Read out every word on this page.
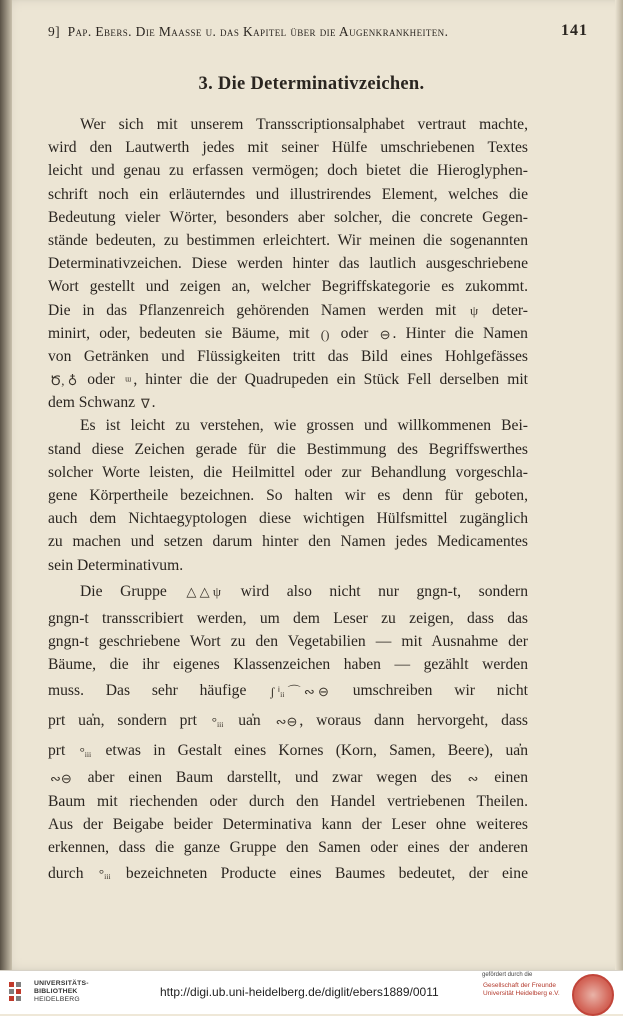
9] Pap. Ebers. Die Maasse u. das Kapitel über die Augenkrankheiten.	141
3. Die Determinativzeichen.
Wer sich mit unserem Transscriptionsalphabet vertraut machte,
wird den Lautwerth jedes mit seiner Hülfe umschriebenen Textes
leicht und genau zu erfassen vermögen; doch bietet die Hieroglyphen-
schrift noch ein erläuterndes und illustrirendes Element, welches die
Bedeutung vieler Wörter, besonders aber solcher, die concrete Gegen-
stände bedeuten, zu bestimmen erleichtert. Wir meinen die sogenannten
Determinativzeichen. Diese werden hinter das lautlich ausgeschriebene
Wort gestellt und zeigen an, welcher Begriffskategorie es zukommt.
Die in das Pflanzenreich gehörenden Namen werden mit ψ deter-
minirt, oder, bedeuten sie Bäume, mit () oder ⊖ . Hinter die Namen
von Getränken und Flüssigkeiten tritt das Bild eines Hohlgefässes
Ծ, ♁ oder ᵚ , hinter die der Quadrupeden ein Stück Fell derselben mit
dem Schwanz ∇ .
Es ist leicht zu verstehen, wie grossen und willkommenen Bei-
stand diese Zeichen gerade für die Bestimmung des Begriffswerthes
solcher Worte leisten, die Heilmittel oder zur Behandlung vorgeschla-
gene Körpertheile bezeichnen. So halten wir es denn für geboten,
auch dem Nichtaegyptologen diese wichtigen Hülfsmittel zugänglich
zu machen und setzen darum hinter den Namen jedes Medicamentes
sein Determinativum.
Die Gruppe △ △ ψ wird also nicht nur gngn-t, sondern
gngn-t transscribiert werden, um dem Leser zu zeigen, dass das
gngn-t geschriebene Wort zu den Vegetabilien — mit Ausnahme der
Bäume, die ihr eigenes Klassenzeichen haben — gezählt werden
muss. Das sehr häufige ʃ ⁱᵢᵢ ⌒ ∾ ⊖ umschreiben wir nicht
prt ua̓n, sondern prt °ᵢᵢᵢ ua̓n ∾⊖ , woraus dann hervorgeht, dass
prt °ᵢᵢᵢ etwas in Gestalt eines Kornes (Korn, Samen, Beere), ua̓n
∾⊖ aber einen Baum darstellt, und zwar wegen des ∾ einen
Baum mit riechenden oder durch den Handel vertriebenen Theilen.
Aus der Beigabe beider Determinativa kann der Leser ohne weiteres
erkennen, dass die ganze Gruppe den Samen oder eines der anderen
durch °ᵢᵢᵢ bezeichneten Producte eines Baumes bedeutet, der eine
UNIVERSITÄTS-
BIBLIOTHEK
HEIDELBERG
http://digi.ub.uni-heidelberg.de/diglit/ebers1889/0011
gefördert durch die
Gesellschaft der Freunde
Universität Heidelberg e.V.
